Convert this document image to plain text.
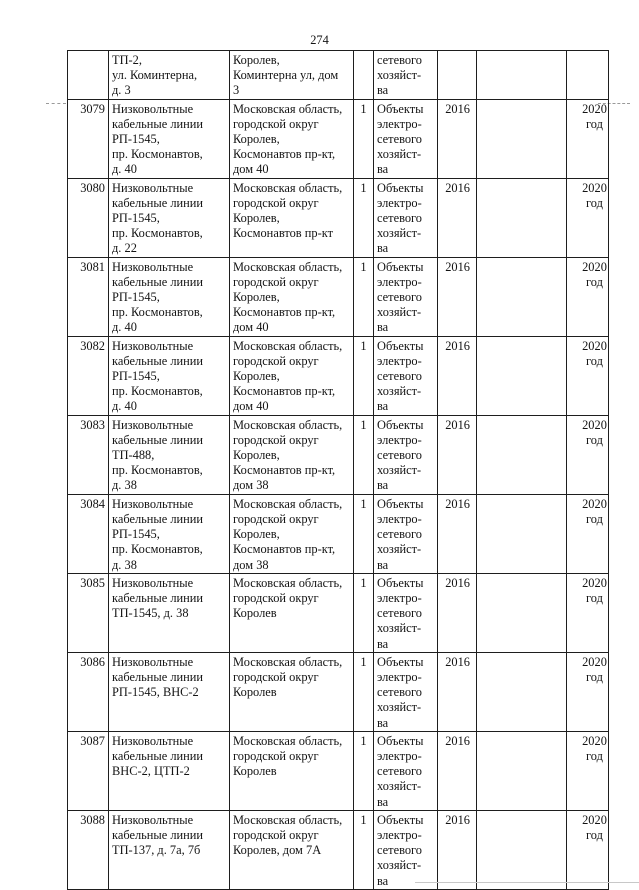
274
	ТП-2,
ул. Коминтерна,
д. 3	Королев,
Коминтерна ул, дом
3		сетевого
хозяйст-
ва			
3079	Низковольтные
кабельные линии
РП-1545,
пр. Космонавтов,
д. 40	Московская область,
городской округ
Королев,
Космонавтов пр-кт,
дом 40	1	Объекты
электро-
сетевого
хозяйст-
ва	2016		2020
год
3080	Низковольтные
кабельные линии
РП-1545,
пр. Космонавтов,
д. 22	Московская область,
городской округ
Королев,
Космонавтов пр-кт	1	Объекты
электро-
сетевого
хозяйст-
ва	2016		2020
год
3081	Низковольтные
кабельные линии
РП-1545,
пр. Космонавтов,
д. 40	Московская область,
городской округ
Королев,
Космонавтов пр-кт,
дом 40	1	Объекты
электро-
сетевого
хозяйст-
ва	2016		2020
год
3082	Низковольтные
кабельные линии
РП-1545,
пр. Космонавтов,
д. 40	Московская область,
городской округ
Королев,
Космонавтов пр-кт,
дом 40	1	Объекты
электро-
сетевого
хозяйст-
ва	2016		2020
год
3083	Низковольтные
кабельные линии
ТП-488,
пр. Космонавтов,
д. 38	Московская область,
городской округ
Королев,
Космонавтов пр-кт,
дом 38	1	Объекты
электро-
сетевого
хозяйст-
ва	2016		2020
год
3084	Низковольтные
кабельные линии
РП-1545,
пр. Космонавтов,
д. 38	Московская область,
городской округ
Королев,
Космонавтов пр-кт,
дом 38	1	Объекты
электро-
сетевого
хозяйст-
ва	2016		2020
год
3085	Низковольтные
кабельные линии
ТП-1545, д. 38	Московская область,
городской округ
Королев	1	Объекты
электро-
сетевого
хозяйст-
ва	2016		2020
год
3086	Низковольтные
кабельные линии
РП-1545, ВНС-2	Московская область,
городской округ
Королев	1	Объекты
электро-
сетевого
хозяйст-
ва	2016		2020
год
3087	Низковольтные
кабельные линии
ВНС-2, ЦТП-2	Московская область,
городской округ
Королев	1	Объекты
электро-
сетевого
хозяйст-
ва	2016		2020
год
3088	Низковольтные
кабельные линии
ТП-137, д. 7а, 7б	Московская область,
городской округ
Королев, дом 7А	1	Объекты
электро-
сетевого
хозяйст-
ва	2016		2020
год
